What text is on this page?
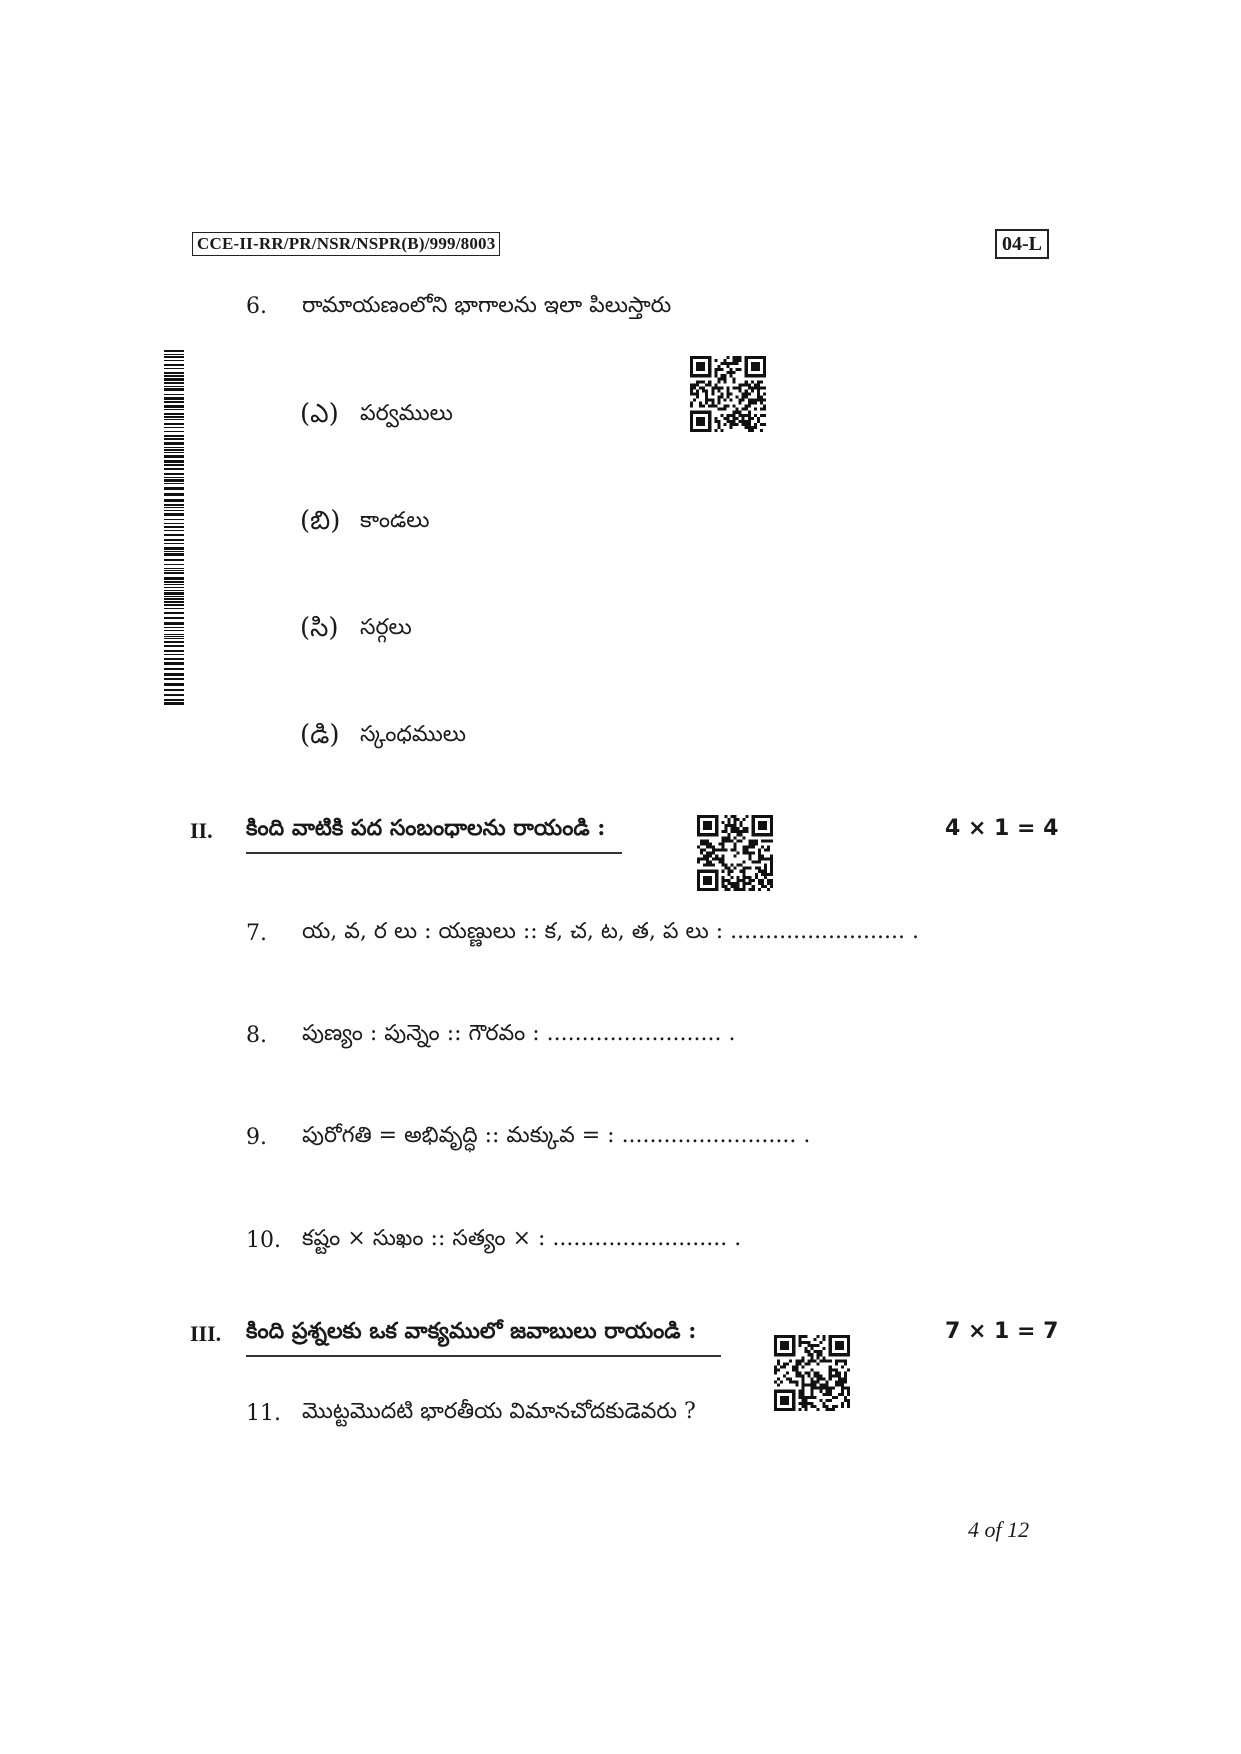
CCE-II-RR/PR/NSR/NSPR(B)/999/8003	04-L
6. రామాయణంలోని భాగాలను ఇలా పిలుస్తారు
(ఎ) పర్వములు
(బి) కాండలు
(సి) సర్గలు
(డి) స్కంధములు
II. కింది వాటికి పద సంబంధాలను రాయండి :	4 × 1 = 4
7. య, వ, ర లు : యణ్ణులు :: క, చ, ట, త, ప లు : ......................... .
8. పుణ్యం : పున్నెం :: గౌరవం : ......................... .
9. పురోగతి = అభివృద్ధి :: మక్కువ = : ......................... .
10. కష్టం × సుఖం :: సత్యం × : ......................... .
III. కింది ప్రశ్నలకు ఒక వాక్యములో జవాబులు రాయండి :	7 × 1 = 7
11. మొట్టమొదటి భారతీయ విమానచోదకుడెవరు ?
4 of 12
